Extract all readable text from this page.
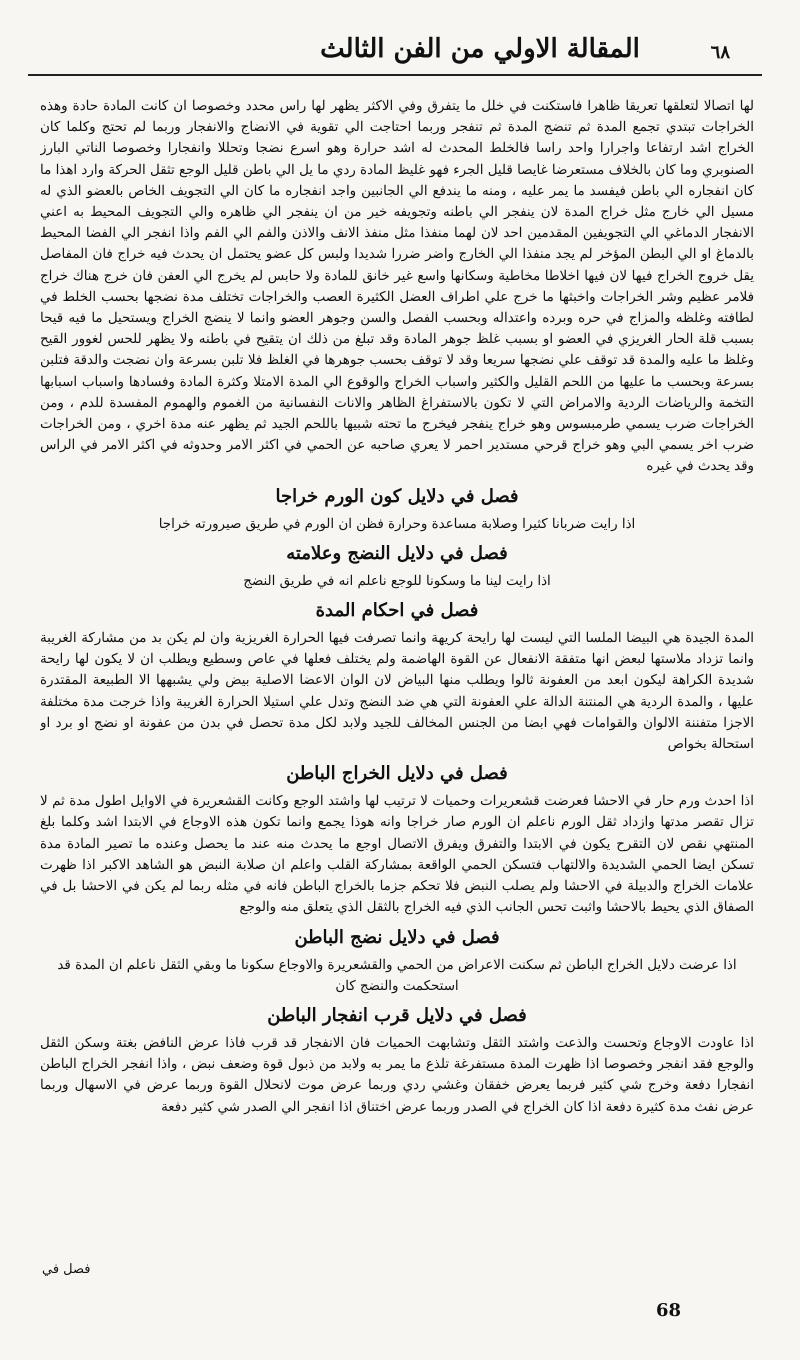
المقالة الاولي من الفن الثالث	٦٨

لها اتصالا لتعلقها تعريقا ظاهرا فاستكنت في خلل ما يتفرق وفي الاكثر يظهر لها راس محدد وخصوصا ان كانت المادة حادة وهذه الخراجات تبتدي تجمع المدة ثم تنضج المدة ثم تنفجر وربما احتاجت الي تقوية في الانضاج والانفجار وربما لم تحتج وكلما كان الخراج اشد ارتفاعا واجرارا واحد راسا فالخلط المحدث له اشد حرارة وهو اسرع نضجا وتحللا وانفجارا وخصوصا الناتي البارز الصنوبري وما كان بالخلاف مستعرضا غايصا قليل الجرء فهو غليظ المادة ردي ما يل الي باطن قليل الوجع تثقل الحركة وارد اهذا ما كان انفجاره الي باطن فيفسد ما يمر عليه ، ومنه ما يندفع الي الجانبين واجد انفجاره ما كان الي التجويف الخاص بالعضو الذي له مسيل الي خارج مثل خراج المدة لان ينفجر الي باطنه وتجويفه خير من ان ينفجر الي ظاهره والي التجويف المحيط به اعني الانفجار الدماغي الي التجويفين المقدمين احد لان لهما منفذا مثل منفذ الانف والاذن والفم الي الفم واذا انفجر الي الفضا المحيط بالدماغ او الي البطن المؤخر لم يجد منفذا الي الخارج واضر ضررا شديدا ولبس كل عضو يحتمل ان يحدث فيه خراج فان المفاصل يقل خروج الخراج فيها لان فيها اخلاطا مخاطية وسكانها واسع غير خانق للمادة ولا حابس لم يخرج الي العفن فان خرج هناك خراج فلامر عظيم وشر الخراجات واخبثها ما خرج علي اطراف العضل الكثيرة العصب والخراجات تختلف مدة نضجها بحسب الخلط في لطافته وغلظه والمزاج في حره وبرده واعتداله وبحسب الفصل والسن وجوهر العضو وانما لا ينضج الخراج ويستحيل ما فيه قيحا بسبب قلة الحار الغريزي في العضو او بسبب غلظ جوهر المادة وقد تبلغ من ذلك ان يتقيح في باطنه ولا يظهر للحس لغوور القيح وغلظ ما عليه والمدة قد توقف علي نضجها سريعا وقد لا توقف بحسب جوهرها في الغلظ فلا تلبن بسرعة وان نضجت والدقة فتلبن بسرعة وبحسب ما عليها من اللحم القليل والكثير واسباب الخراج والوقوع الي المدة الامتلا وكثرة المادة وفسادها واسباب اسبابها التخمة والرياضات الردية والامراض التي لا تكون بالاستفراغ الظاهر والانات النفسانية من الغموم والهموم المفسدة للدم ، ومن الخراجات ضرب يسمي طرمبسوس وهو خراج ينفجر فيخرج ما تحته شبيها باللحم الجيد ثم يظهر عنه مدة اخري ، ومن الخراجات ضرب اخر يسمي البي وهو خراج قرحي مستدير احمر لا يعري صاحبه عن الحمي في اكثر الامر وحدوثه في اكثر الامر في الراس وقد يحدث في غيره

فصل في دلايل كون الورم خراجا

اذا رايت ضربانا كثيرا وصلابة مساعدة وحرارة فظن ان الورم في طريق صيرورته خراجا

فصل في دلايل النضج وعلامته

اذا رايت لينا ما وسكونا للوجع ناعلم انه في طريق النضج

فصل في احكام المدة

المدة الجيدة هي البيضا الملسا التي ليست لها رايحة كريهة وانما تصرفت فيها الحرارة الغريزية وان لم يكن بد من مشاركة الغريبة وانما تزداد ملاستها لبعض انها متفقة الانفعال عن القوة الهاضمة ولم يختلف فعلها في عاص وسطيع ويطلب ان لا يكون لها رايحة شديدة الكراهة ليكون ابعد من العفونة ثالوا ويطلب منها البياض لان الوان الاعضا الاصلية بيض ولي يشبهها الا الطبيعة المقتدرة عليها ، والمدة الردية هي المنتنة الدالة علي العفونة التي هي ضد النضج وتدل علي استيلا الحرارة الغريبة واذا خرجت مدة مختلفة الاجزا متفننة الالوان والقوامات فهي ابضا من الجنس المخالف للجيد ولابد لكل مدة تحصل في بدن من عفونة او نضج او برد او استحالة بخواص

فصل في دلايل الخراج الباطن

اذا احدث ورم حار في الاحشا فعرضت قشعريرات وحميات لا ترتيب لها واشتد الوجع وكانت القشعريرة في الاوايل اطول مدة ثم لا تزال تقصر مدتها وازداد ثقل الورم ناعلم ان الورم صار خراجا وانه هوذا يجمع وانما تكون هذه الاوجاع في الابتدا اشد وكلما بلغ المنتهي نقص لان التقرح يكون في الابتدا والتفرق ويفرق الاتصال اوجع ما يحدث منه عند ما يحصل وعنده ما تصير المادة مدة تسكن ايضا الحمي الشديدة والالتهاب فتسكن الحمي الواقعة بمشاركة القلب واعلم ان صلابة النبض هو الشاهد الاكبر اذا ظهرت علامات الخراج والدبيلة في الاحشا ولم يصلب النبض فلا تحكم جزما بالخراج الباطن فانه في مثله ربما لم يكن في الاحشا بل في الصفاق الذي يحيط بالاحشا واثبت تحس الجانب الذي فيه الخراج بالثقل الذي يتعلق منه والوجع

فصل في دلايل نضج الباطن

اذا عرضت دلايل الخراج الباطن ثم سكنت الاعراض من الحمي والقشعريرة والاوجاع سكونا ما وبقي الثقل ناعلم ان المدة قد استحكمت والنضج كان

فصل في دلايل قرب انفجار الباطن

اذا عاودت الاوجاع وتحست والذعت واشتد الثقل وتشابهت الحميات فان الانفجار قد قرب فاذا عرض النافض بغتة وسكن الثقل والوجع فقد انفجر وخصوصا اذا ظهرت المدة مستفرغة تلذع ما يمر به ولابد من ذبول قوة وضعف نبض ، واذا انفجر الخراج الباطن انفجارا دفعة وخرج شي كثير فربما يعرض خفقان وغشي ردي وربما عرض موت لانحلال القوة وربما عرض في الاسهال وربما عرض نفث مدة كثيرة دفعة اذا كان الخراج في الصدر وربما عرض اختناق اذا انفجر الي الصدر شي كثير دفعة

فصل في
68
